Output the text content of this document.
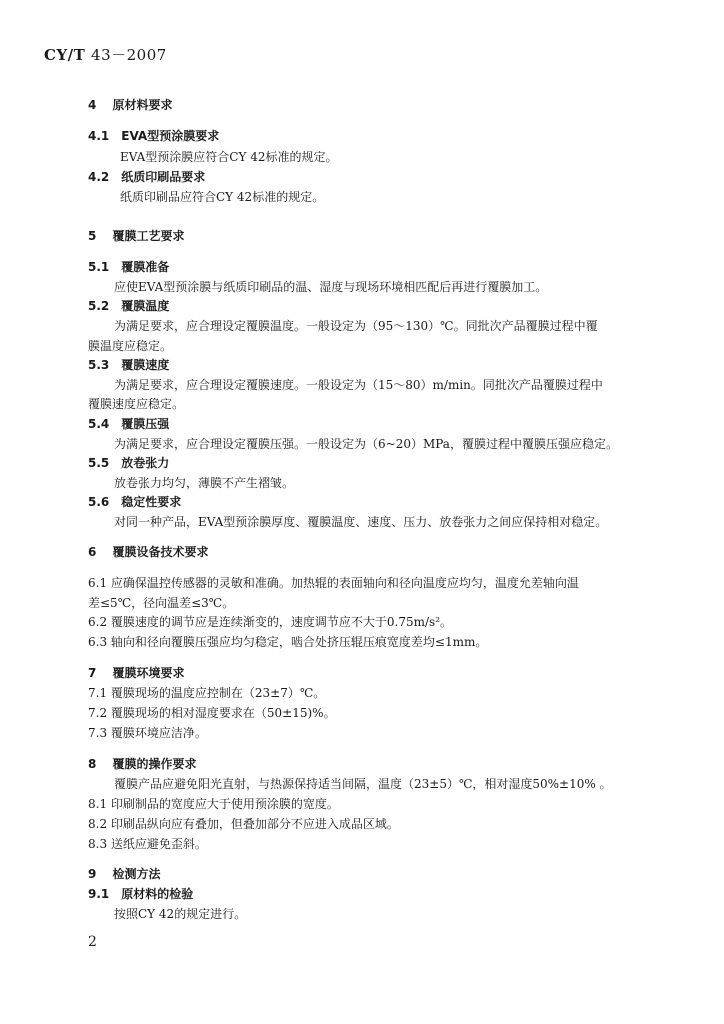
CY/T 43－2007
4　 原材料要求
4.1　EVA型预涂膜要求
EVA型预涂膜应符合CY 42标准的规定。
4.2　纸质印刷品要求
纸质印刷品应符合CY 42标准的规定。
5　 覆膜工艺要求
5.1　覆膜准备
应使EVA型预涂膜与纸质印刷品的温、湿度与现场环境相匹配后再进行覆膜加工。
5.2　覆膜温度
为满足要求，应合理设定覆膜温度。一般设定为（95～130）℃。同批次产品覆膜过程中覆
膜温度应稳定。
5.3　覆膜速度
为满足要求，应合理设定覆膜速度。一般设定为（15～80）m/min。同批次产品覆膜过程中
覆膜速度应稳定。
5.4　覆膜压强
为满足要求，应合理设定覆膜压强。一般设定为（6~20）MPa，覆膜过程中覆膜压强应稳定。
5.5　放卷张力
放卷张力均匀，薄膜不产生褶皱。
5.6　稳定性要求
对同一种产品，EVA型预涂膜厚度、覆膜温度、速度、压力、放卷张力之间应保持相对稳定。
6　 覆膜设备技术要求
6.1 应确保温控传感器的灵敏和准确。加热辊的表面轴向和径向温度应均匀，温度允差轴向温
差≤5℃，径向温差≤3℃。
6.2 覆膜速度的调节应是连续渐变的，速度调节应不大于0.75m/s²。
6.3 轴向和径向覆膜压强应均匀稳定，啮合处挤压辊压痕宽度差均≤1mm。
7　 覆膜环境要求
7.1 覆膜现场的温度应控制在（23±7）℃。
7.2 覆膜现场的相对湿度要求在（50±15)%。
7.3 覆膜环境应洁净。
8　 覆膜的操作要求
覆膜产品应避免阳光直射，与热源保持适当间隔，温度（23±5）℃，相对湿度50%±10% 。
8.1 印刷制品的宽度应大于使用预涂膜的宽度。
8.2 印刷品纵向应有叠加，但叠加部分不应进入成品区域。
8.3 送纸应避免歪斜。
9　 检测方法
9.1　原材料的检验
按照CY 42的规定进行。
2
